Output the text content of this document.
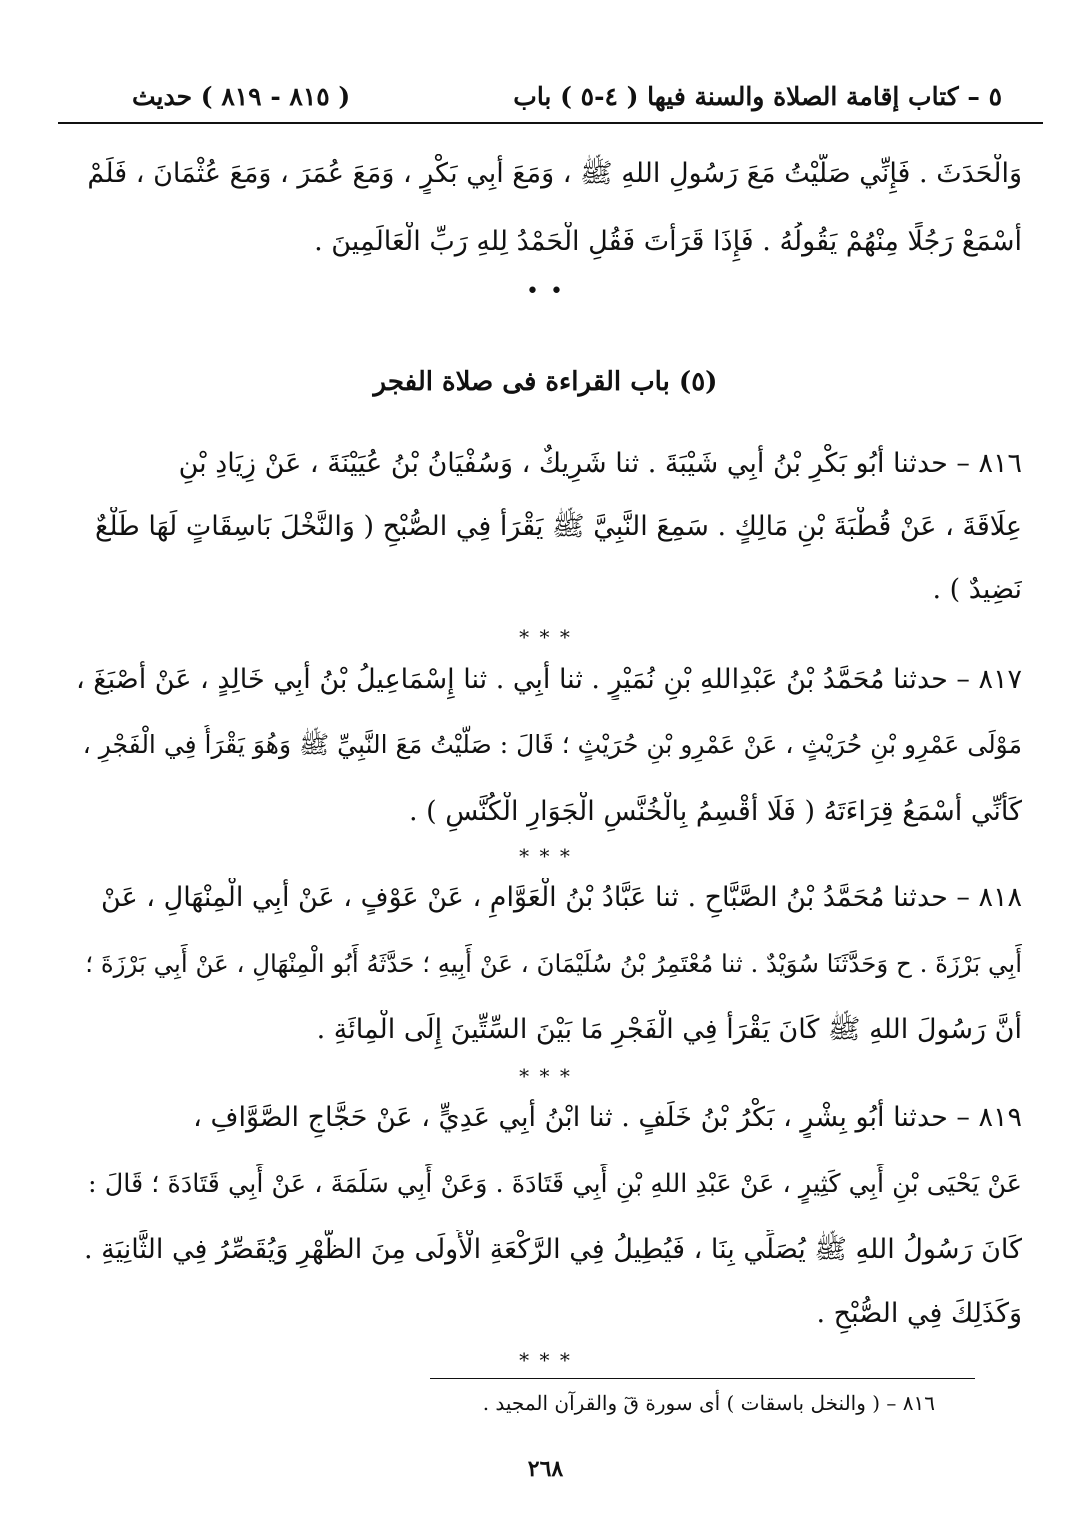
٥ – كتاب إقامة الصلاة والسنة فيها ( ٤-٥ ) باب
( ٨١٥ - ٨١٩ ) حديث
وَالْحَدَثَ . فَإِنِّي صَلَّيْتُ مَعَ رَسُولِ اللهِ ﷺ ، وَمَعَ أَبِي بَكْرٍ ، وَمَعَ عُمَرَ ، وَمَعَ عُثْمَانَ ، فَلَمْ
أَسْمَعْ رَجُلًا مِنْهُمْ يَقُولُهُ . فَإِذَا قَرَأْتَ فَقُلِ الْحَمْدُ لِلهِ رَبِّ الْعَالَمِينَ .
• •
(٥) باب القراءة فى صلاة الفجر
٨١٦ – حدثنا أَبُو بَكْرِ بْنُ أَبِي شَيْبَةَ . ثنا شَرِيكٌ ، وَسُفْيَانُ بْنُ عُيَيْنَةَ ، عَنْ زِيَادِ بْنِ
عِلَاقَةَ ، عَنْ قُطْبَةَ بْنِ مَالِكٍ . سَمِعَ النَّبِيَّ ﷺ يَقْرَأُ فِي الصُّبْحِ ( وَالنَّخْلَ بَاسِقَاتٍ لَهَا طَلْعٌ
نَضِيدٌ ) .
* * *
٨١٧ – حدثنا مُحَمَّدُ بْنُ عَبْدِاللهِ بْنِ نُمَيْرٍ . ثنا أَبِي . ثنا إِسْمَاعِيلُ بْنُ أَبِي خَالِدٍ ، عَنْ أَصْبَغَ ،
مَوْلَى عَمْرِو بْنِ حُرَيْثٍ ، عَنْ عَمْرِو بْنِ حُرَيْثٍ ؛ قَالَ : صَلَّيْتُ مَعَ النَّبِيِّ ﷺ وَهُوَ يَقْرَأُ فِي الْفَجْرِ ،
كَأَنِّي أَسْمَعُ قِرَاءَتَهُ ( فَلَا أُقْسِمُ بِالْخُنَّسِ الْجَوَارِ الْكُنَّسِ ) .
* * *
٨١٨ – حدثنا مُحَمَّدُ بْنُ الصَّبَّاحِ . ثنا عَبَّادُ بْنُ الْعَوَّامِ ، عَنْ عَوْفٍ ، عَنْ أَبِي الْمِنْهَالِ ، عَنْ
أَبِي بَرْزَةَ . ح وَحَدَّثَنَا سُوَيْدٌ . ثنا مُعْتَمِرُ بْنُ سُلَيْمَانَ ، عَنْ أَبِيهِ ؛ حَدَّثَهُ أَبُو الْمِنْهَالِ ، عَنْ أَبِي بَرْزَةَ ؛
أَنَّ رَسُولَ اللهِ ﷺ كَانَ يَقْرَأُ فِي الْفَجْرِ مَا بَيْنَ السِّتِّينَ إِلَى الْمِائَةِ .
* * *
٨١٩ – حدثنا أَبُو بِشْرٍ ، بَكْرُ بْنُ خَلَفٍ . ثنا ابْنُ أَبِي عَدِيٍّ ، عَنْ حَجَّاجٍ الصَّوَّافِ ،
عَنْ يَحْيَى بْنِ أَبِي كَثِيرٍ ، عَنْ عَبْدِ اللهِ بْنِ أَبِي قَتَادَةَ . وَعَنْ أَبِي سَلَمَةَ ، عَنْ أَبِي قَتَادَةَ ؛ قَالَ :
كَانَ رَسُولُ اللهِ ﷺ يُصَلِّي بِنَا ، فَيُطِيلُ فِي الرَّكْعَةِ الْأُولَى مِنَ الظُّهْرِ وَيُقَصِّرُ فِي الثَّانِيَةِ .
وَكَذَلِكَ فِي الصُّبْحِ .
* * *
٨١٦ – ( والنخل باسقات ) أى سورة قٓ والقرآن المجيد .
٢٦٨
